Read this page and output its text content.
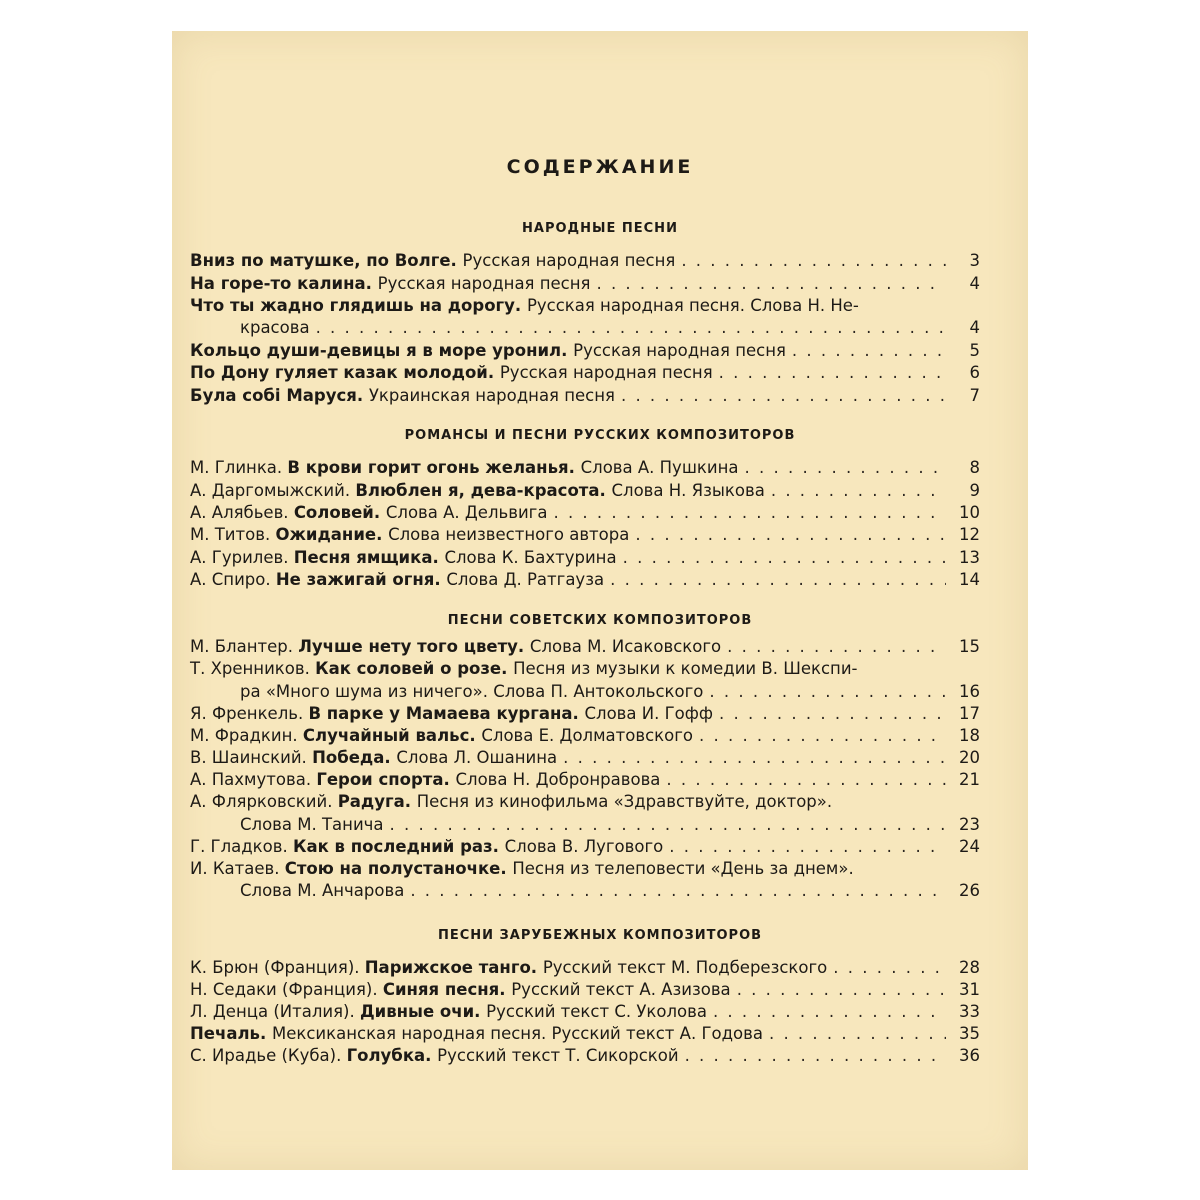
СОДЕРЖАНИЕ
НАРОДНЫЕ ПЕСНИ
Вниз по матушке, по Волге. Русская народная песня . . .	3
На горе-то калина. Русская народная песня . . .	4
Что ты жадно глядишь на дорогу. Русская народная песня. Слова Н. Не-
красова . . .	4
Кольцо души-девицы я в море уронил. Русская народная песня . . .	5
По Дону гуляет казак молодой. Русская народная песня . . .	6
Була собі Маруся. Украинская народная песня . . .	7
РОМАНСЫ И ПЕСНИ РУССКИХ КОМПОЗИТОРОВ
М. Глинка. В крови горит огонь желанья. Слова А. Пушкина . . .	8
А. Даргомыжский. Влюблен я, дева-красота. Слова Н. Языкова . . .	9
А. Алябьев. Соловей. Слова А. Дельвига . . .	10
М. Титов. Ожидание. Слова неизвестного автора . . .	12
А. Гурилев. Песня ямщика. Слова К. Бахтурина . . .	13
А. Спиро. Не зажигай огня. Слова Д. Ратгауза . . .	14
ПЕСНИ СОВЕТСКИХ КОМПОЗИТОРОВ
М. Блантер. Лучше нету того цвету. Слова М. Исаковского . . .	15
Т. Хренников. Как соловей о розе. Песня из музыки к комедии В. Шекспи-
ра «Много шума из ничего». Слова П. Антокольского . . .	16
Я. Френкель. В парке у Мамаева кургана. Слова И. Гофф . . .	17
М. Фрадкин. Случайный вальс. Слова Е. Долматовского . . .	18
В. Шаинский. Победа. Слова Л. Ошанина . . .	20
А. Пахмутова. Герои спорта. Слова Н. Добронравова . . .	21
А. Флярковский. Радуга. Песня из кинофильма «Здравствуйте, доктор».
Слова М. Танича . . .	23
Г. Гладков. Как в последний раз. Слова В. Лугового . . .	24
И. Катаев. Стою на полустаночке. Песня из телеповести «День за днем».
Слова М. Анчарова . . .	26
ПЕСНИ ЗАРУБЕЖНЫХ КОМПОЗИТОРОВ
К. Брюн (Франция). Парижское танго. Русский текст М. Подберезского . . .	28
Н. Седаки (Франция). Синяя песня. Русский текст А. Азизова . . .	31
Л. Денца (Италия). Дивные очи. Русский текст С. Уколова . . .	33
Печаль. Мексиканская народная песня. Русский текст А. Годова . . .	35
С. Ирадье (Куба). Голубка. Русский текст Т. Сикорской . . .	36
